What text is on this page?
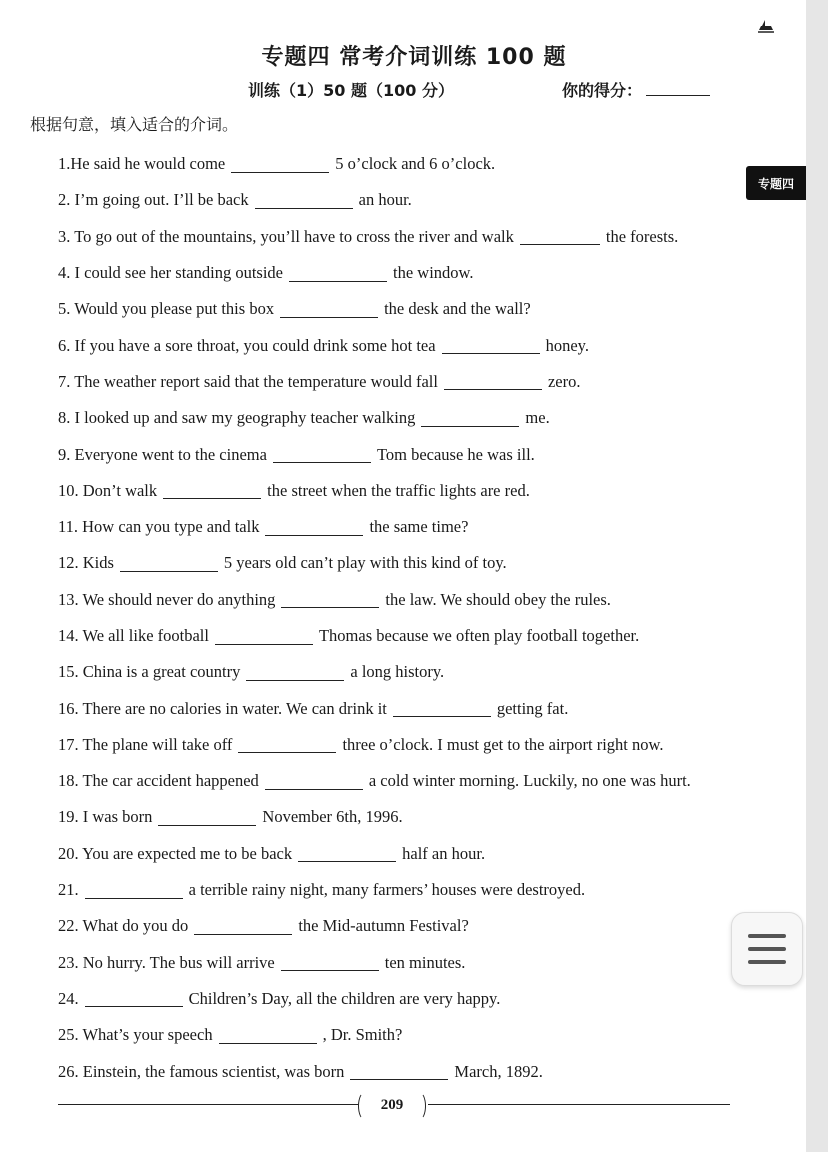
专题四 常考介词训练 100 题
训练（1）50 题（100 分）	你的得分：
根据句意，填入适合的介词。
专题四
1.He said he would come	5 o’clock and 6 o’clock.
2. I’m going out. I’ll be back	an hour.
3. To go out of the mountains, you’ll have to cross the river and walk	the forests.
4. I could see her standing outside	the window.
5. Would you please put this box	the desk and the wall?
6. If you have a sore throat, you could drink some hot tea	honey.
7. The weather report said that the temperature would fall	zero.
8. I looked up and saw my geography teacher walking	me.
9. Everyone went to the cinema	Tom because he was ill.
10. Don’t walk	the street when the traffic lights are red.
11. How can you type and talk	the same time?
12. Kids	5 years old can’t play with this kind of toy.
13. We should never do anything	the law. We should obey the rules.
14. We all like football	Thomas because we often play football together.
15. China is a great country	a long history.
16. There are no calories in water. We can drink it	getting fat.
17. The plane will take off	three o’clock. I must get to the airport right now.
18. The car accident happened	a cold winter morning. Luckily, no one was hurt.
19. I was born	November 6th, 1996.
20. You are expected me to be back	half an hour.
21.	a terrible rainy night, many farmers’ houses were destroyed.
22. What do you do	the Mid-autumn Festival?
23. No hurry. The bus will arrive	ten minutes.
24.	Children’s Day, all the children are very happy.
25. What’s your speech	, Dr. Smith?
26. Einstein, the famous scientist, was born	March, 1892.
209
